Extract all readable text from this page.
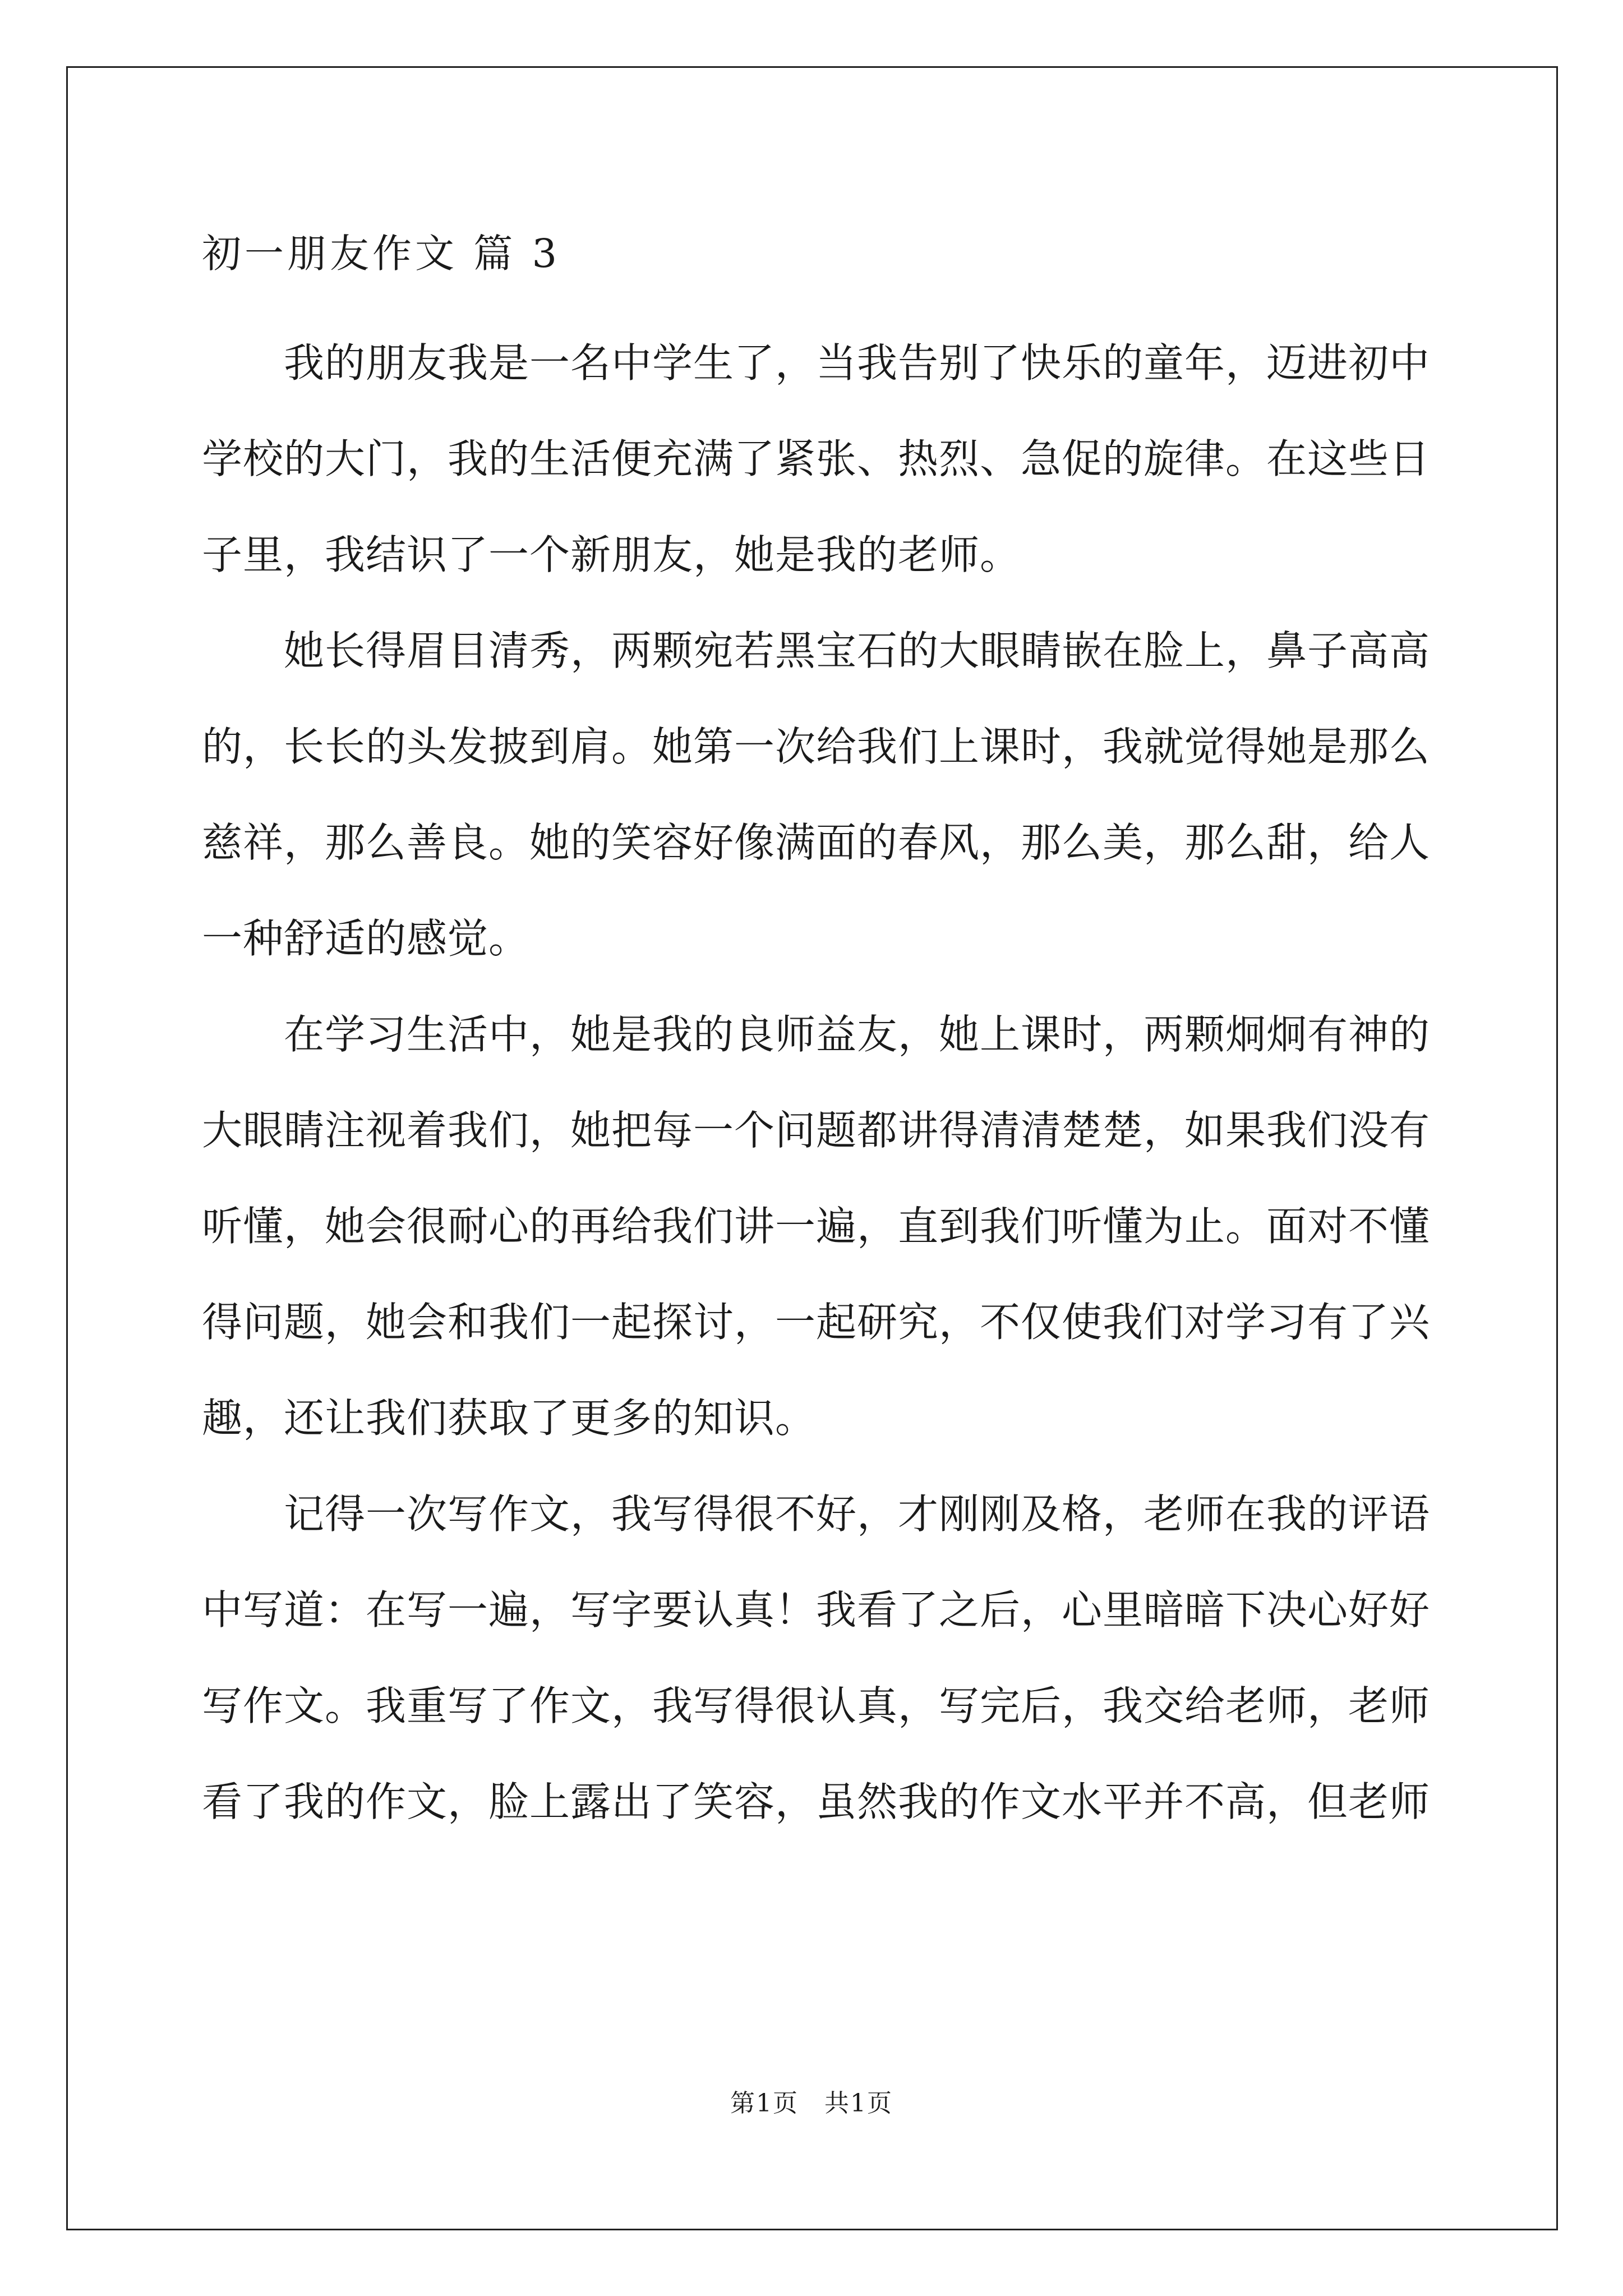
初一朋友作文 篇 3

我的朋友我是一名中学生了，当我告别了快乐的童年，迈进初中学校的大门，我的生活便充满了紧张、热烈、急促的旋律。在这些日子里，我结识了一个新朋友，她是我的老师。

她长得眉目清秀，两颗宛若黑宝石的大眼睛嵌在脸上，鼻子高高的，长长的头发披到肩。她第一次给我们上课时，我就觉得她是那么慈祥，那么善良。她的笑容好像满面的春风，那么美，那么甜，给人一种舒适的感觉。

在学习生活中，她是我的良师益友，她上课时，两颗炯炯有神的大眼睛注视着我们，她把每一个问题都讲得清清楚楚，如果我们没有听懂，她会很耐心的再给我们讲一遍，直到我们听懂为止。面对不懂得问题，她会和我们一起探讨，一起研究，不仅使我们对学习有了兴趣，还让我们获取了更多的知识。

记得一次写作文，我写得很不好，才刚刚及格，老师在我的评语中写道：在写一遍，写字要认真！我看了之后，心里暗暗下决心好好写作文。我重写了作文，我写得很认真，写完后，我交给老师，老师看了我的作文，脸上露出了笑容，虽然我的作文水平并不高，但老师

第1页　共1页
